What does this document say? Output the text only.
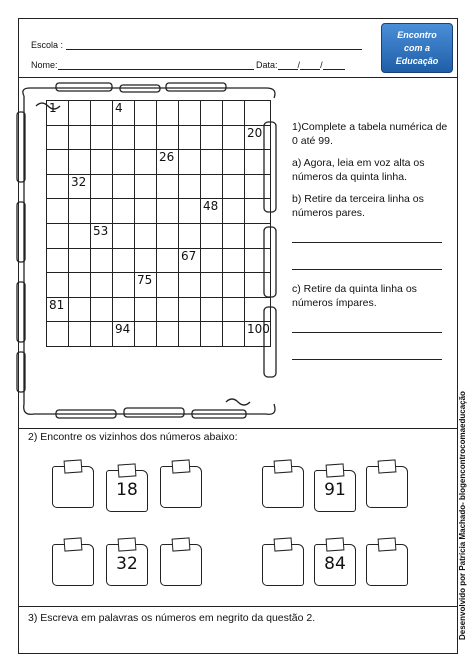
Escola :
Nome:	Data: / /
Encontro
com a
Educação
1			4						
									20
					26				
	32								
							48		
		53							
						67			
				75					
81									
			94						100

1)Complete a tabela numérica de 0 até 99.

a) Agora, leia em voz alta os números da quinta linha.

b) Retire da terceira linha os números pares.

c) Retire da quinta linha os números ímpares.

2) Encontre os vizinhos dos números abaixo:
18	91
32	84
3) Escreva em palavras os números em negrito da questão 2.	Desenvolvido por Patrícia Machado- blogencontrocomaeducação
